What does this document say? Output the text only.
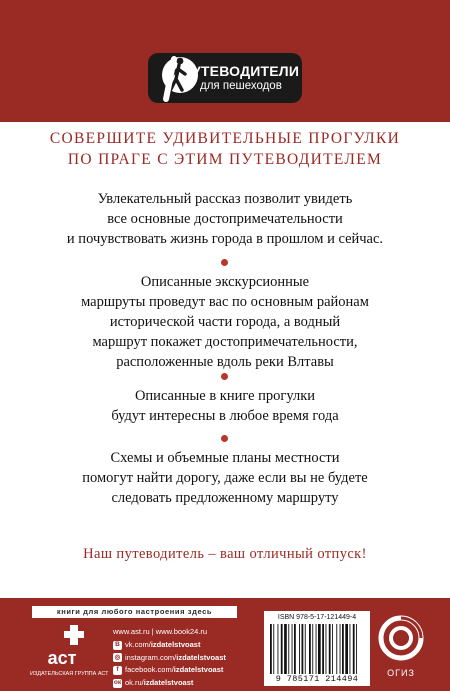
УТЕВОДИТЕЛИ
для пешеходов
СОВЕРШИТЕ УДИВИТЕЛЬНЫЕ ПРОГУЛКИ
ПО ПРАГЕ С ЭТИМ ПУТЕВОДИТЕЛЕМ
Увлекательный рассказ позволит увидеть
все основные достопримечательности
и почувствовать жизнь города в прошлом и сейчас.
Описанные экскурсионные
маршруты проведут вас по основным районам
исторической части города, а водный
маршрут покажет достопримечательности,
расположенные вдоль реки Влтавы
Описанные в книге прогулки
будут интересны в любое время года
Схемы и объемные планы местности
помогут найти дорогу, даже если вы не будете
следовать предложенному маршруту
Наш путеводитель – ваш отличный отпуск!
книги для любого настроения здесь
аст
ИЗДАТЕЛЬСКАЯ ГРУППА АСТ
www.ast.ru | www.book24.ru
В vk.com/ izdatelstvoast
◎ instagram.com/ izdatelstvoast
f facebook.com/ izdatelstvoast
ок ok.ru/ izdatelstvoast
ISBN 978-5-17-121449-4
9 785171 214494
ОГИЗ
